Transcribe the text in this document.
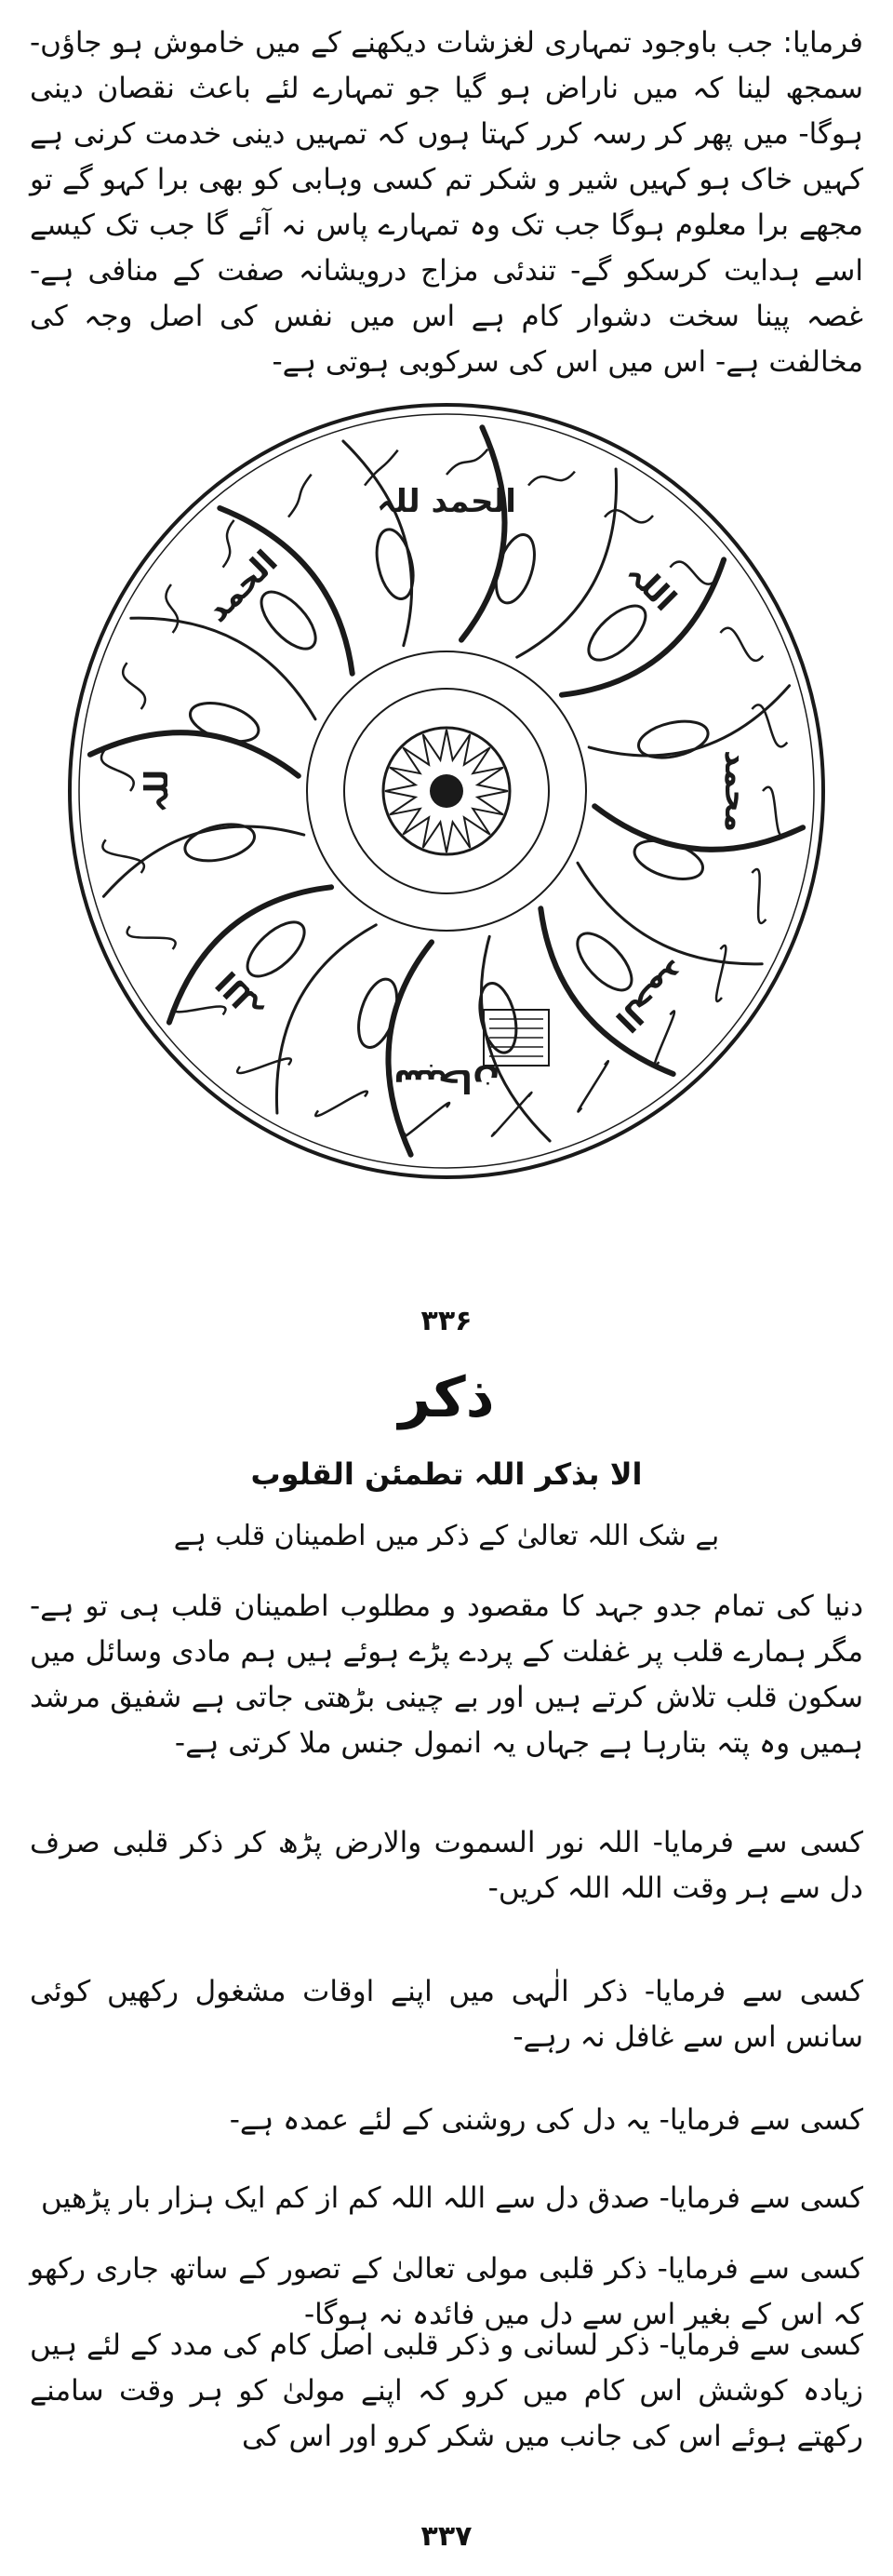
فرمایا: جب باوجود تمہاری لغزشات دیکھنے کے میں خاموش ہو جاؤں- سمجھ لینا کہ میں ناراض ہو گیا جو تمہارے لئے باعث نقصان دینی ہوگا- میں پھر کر رسہ کرر کہتا ہوں کہ تمہیں دینی خدمت کرنی ہے کہیں خاک ہو کہیں شیر و شکر تم کسی وہابی کو بھی برا کہو گے تو مجھے برا معلوم ہوگا جب تک وہ تمہارے پاس نہ آئے گا جب تک کیسے اسے ہدایت کرسکو گے- تندئی مزاج درویشانہ صفت کے منافی ہے- غصہ پینا سخت دشوار کام ہے اس میں نفس کی اصل وجہ کی مخالفت ہے- اس میں اس کی سرکوبی ہوتی ہے-
الحمد للہ
اللہ
محمد
الحمد
سبحان
اللہ
للہ
الحمد
۳۳۶
ذکر
الا بذکر اللہ تطمئن القلوب
بے شک اللہ تعالیٰ کے ذکر میں اطمینان قلب ہے
دنیا کی تمام جدو جہد کا مقصود و مطلوب اطمینان قلب ہی تو ہے- مگر ہمارے قلب پر غفلت کے پردے پڑے ہوئے ہیں ہم مادی وسائل میں سکون قلب تلاش کرتے ہیں اور بے چینی بڑھتی جاتی ہے شفیق مرشد ہمیں وہ پتہ بتارہا ہے جہاں یہ انمول جنس ملا کرتی ہے-
کسی سے فرمایا- اللہ نور السموت والارض پڑھ کر ذکر قلبی صرف دل سے ہر وقت اللہ اللہ کریں-
کسی سے فرمایا- ذکر الٰہی میں اپنے اوقات مشغول رکھیں کوئی سانس اس سے غافل نہ رہے-
کسی سے فرمایا- یہ دل کی روشنی کے لئے عمدہ ہے-
کسی سے فرمایا- صدق دل سے اللہ اللہ کم از کم ایک ہزار بار پڑھیں
کسی سے فرمایا- ذکر قلبی مولی تعالیٰ کے تصور کے ساتھ جاری رکھو کہ اس کے بغیر اس سے دل میں فائدہ نہ ہوگا-
کسی سے فرمایا- ذکر لسانی و ذکر قلبی اصل کام کی مدد کے لئے ہیں زیادہ کوشش اس کام میں کرو کہ اپنے مولیٰ کو ہر وقت سامنے رکھتے ہوئے اس کی جانب میں شکر کرو اور اس کی
۳۳۷
